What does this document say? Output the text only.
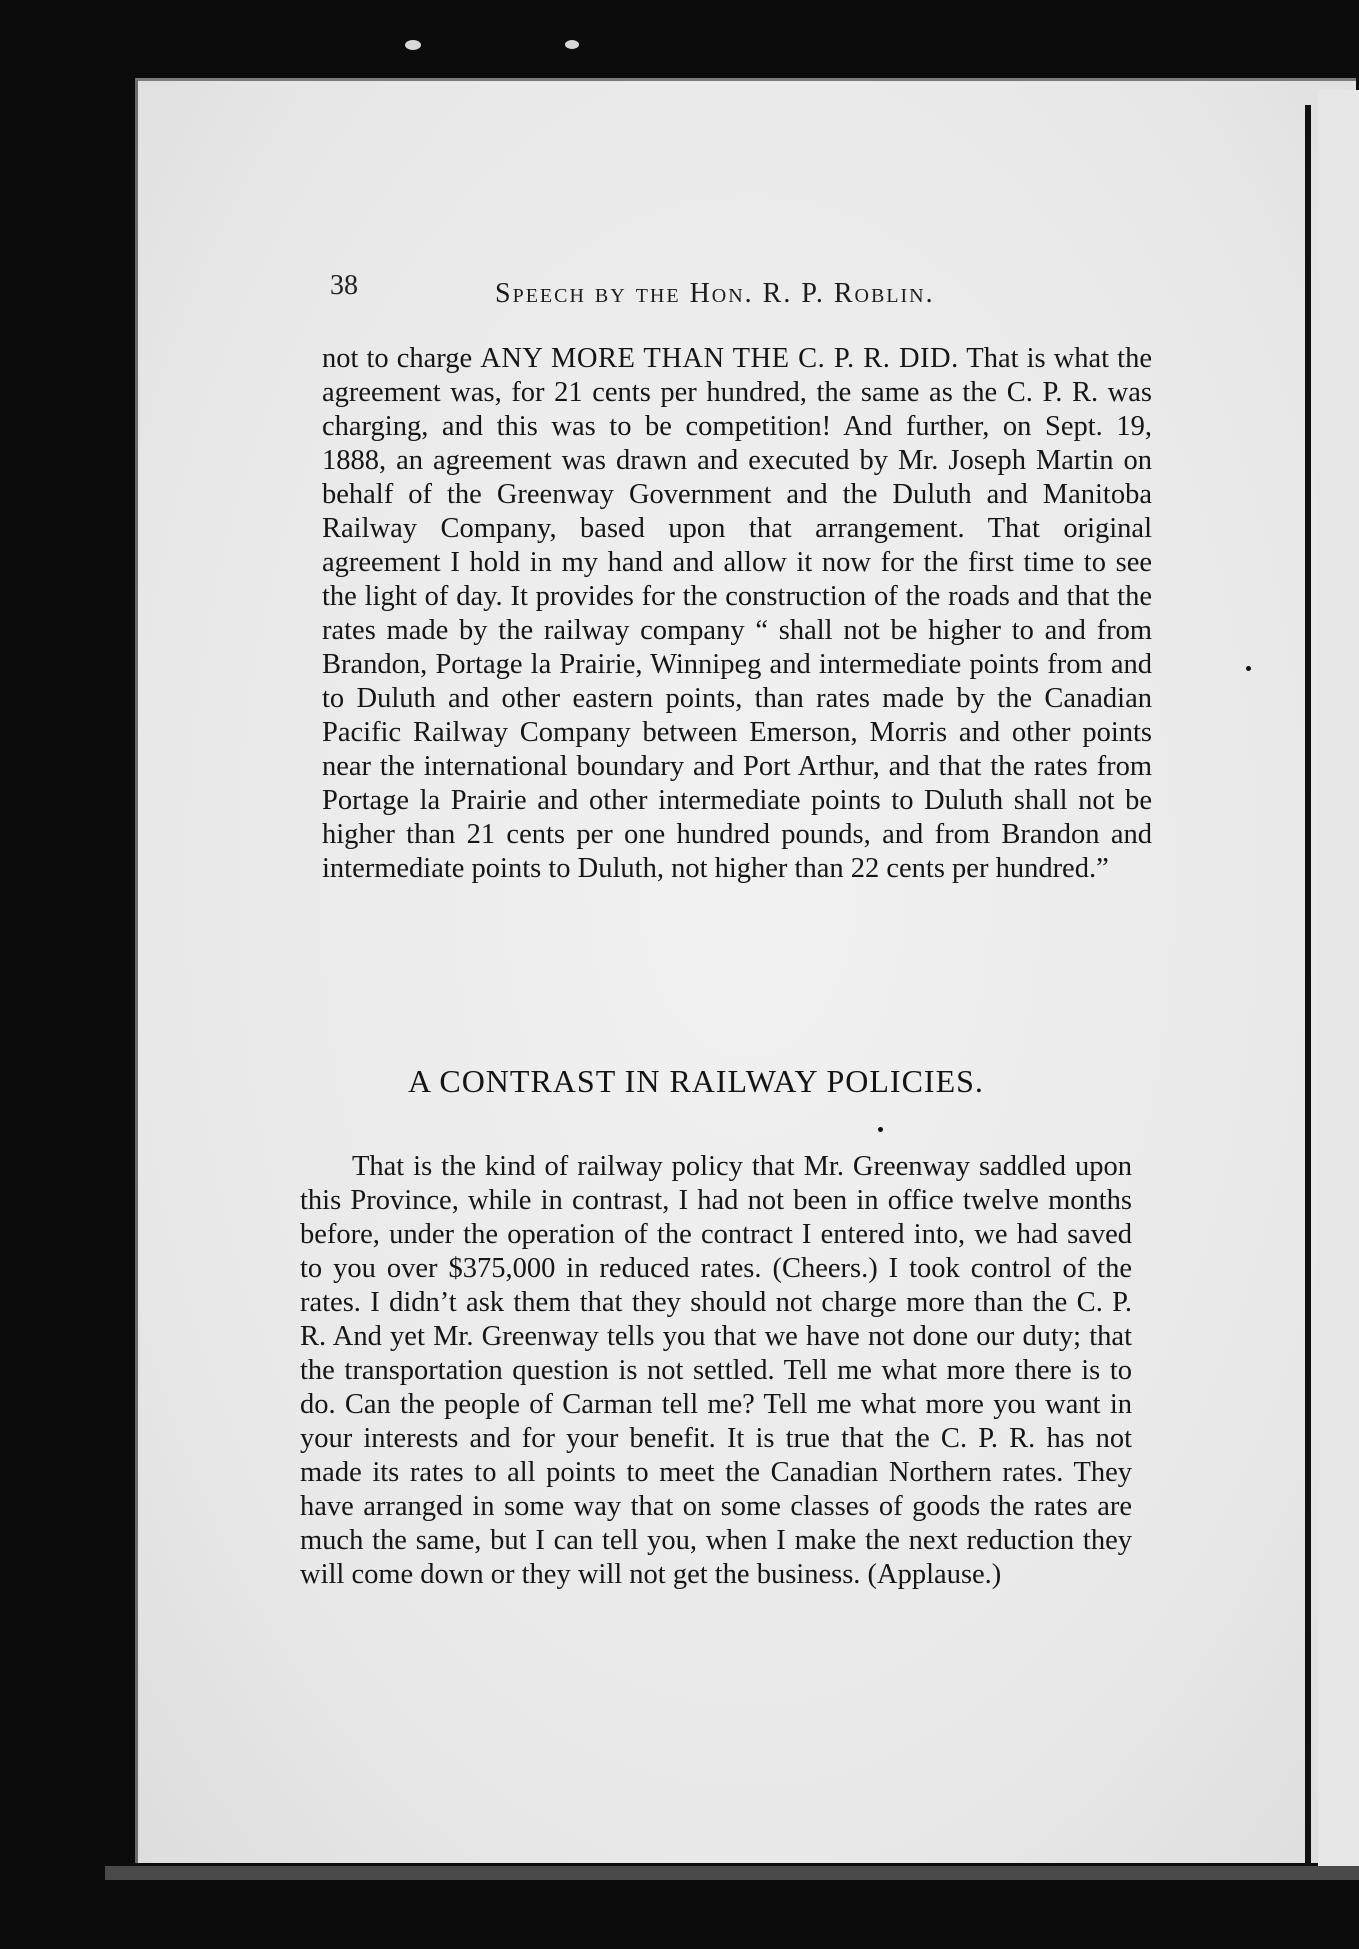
38	Speech by the Hon. R. P. Roblin.
not to charge ANY MORE THAN THE C. P. R. DID. That is what the agreement was, for 21 cents per hundred, the same as the C. P. R. was charging, and this was to be competition! And further, on Sept. 19, 1888, an agreement was drawn and executed by Mr. Joseph Martin on behalf of the Greenway Government and the Duluth and Manitoba Railway Company, based upon that arrangement. That original agreement I hold in my hand and allow it now for the first time to see the light of day. It provides for the construction of the roads and that the rates made by the railway company “ shall not be higher to and from Brandon, Portage la Prairie, Winnipeg and intermediate points from and to Duluth and other eastern points, than rates made by the Canadian Pacific Railway Company between Emerson, Morris and other points near the international boundary and Port Arthur, and that the rates from Portage la Prairie and other intermediate points to Duluth shall not be higher than 21 cents per one hundred pounds, and from Brandon and intermediate points to Duluth, not higher than 22 cents per hundred.”
A CONTRAST IN RAILWAY POLICIES.
That is the kind of railway policy that Mr. Greenway saddled upon this Province, while in contrast, I had not been in office twelve months before, under the operation of the contract I entered into, we had saved to you over $375,000 in reduced rates. (Cheers.) I took control of the rates. I didn’t ask them that they should not charge more than the C. P. R. And yet Mr. Greenway tells you that we have not done our duty; that the transportation question is not settled. Tell me what more there is to do. Can the people of Carman tell me? Tell me what more you want in your interests and for your benefit. It is true that the C. P. R. has not made its rates to all points to meet the Canadian Northern rates. They have arranged in some way that on some classes of goods the rates are much the same, but I can tell you, when I make the next reduction they will come down or they will not get the business. (Applause.)
